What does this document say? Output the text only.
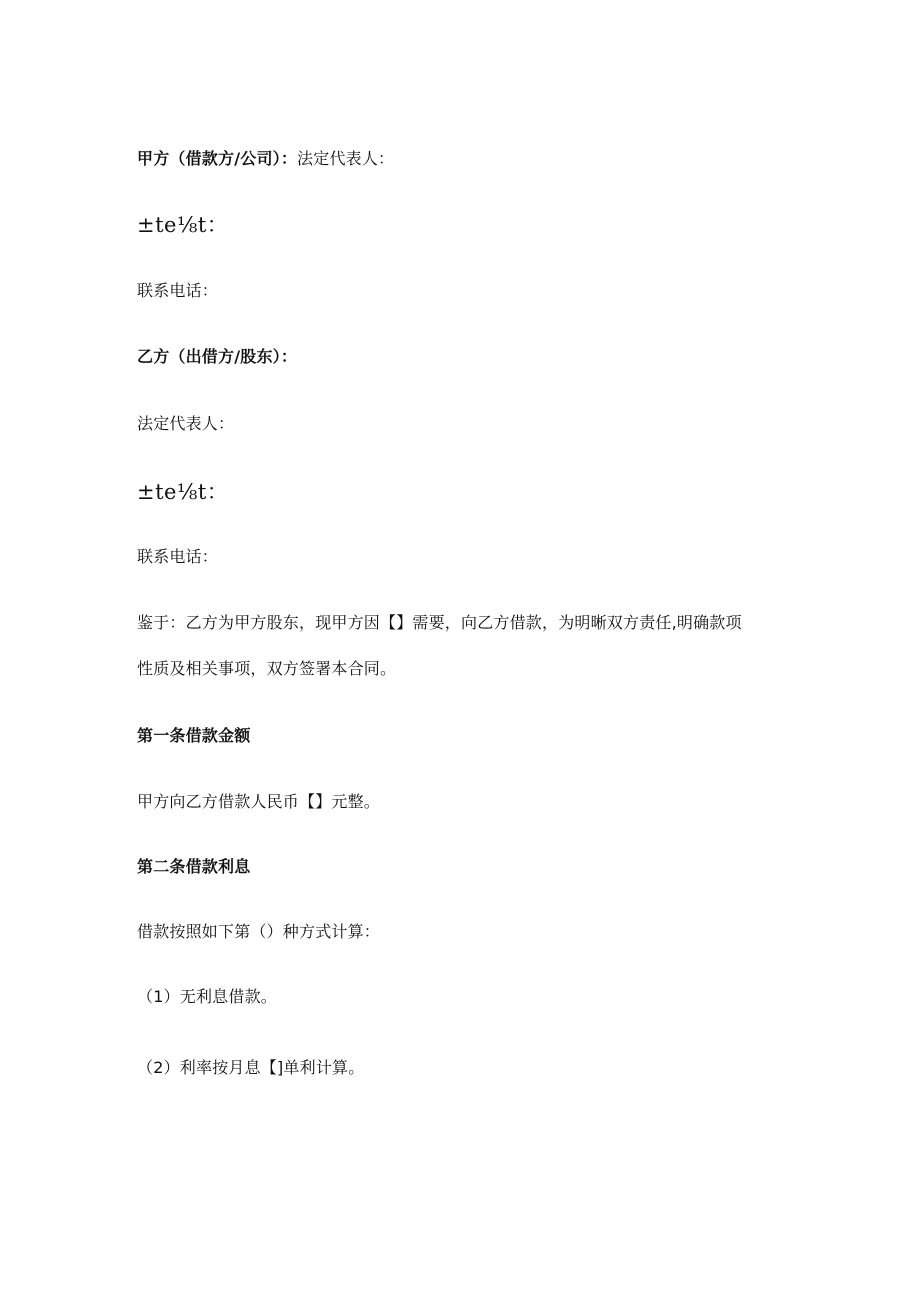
甲方（借款方/公司）：法定代表人：
±te⅛t：
联系电话：
乙方（出借方/股东）：
法定代表人：
±te⅛t：
联系电话：
鉴于：乙方为甲方股东，现甲方因【】需要，向乙方借款，为明晰双方责任,明确款项
性质及相关事项，双方签署本合同。
第一条借款金额
甲方向乙方借款人民币【】元整。
第二条借款利息
借款按照如下第（）种方式计算：
（1）无利息借款。
（2）利率按月息【]单利计算。
